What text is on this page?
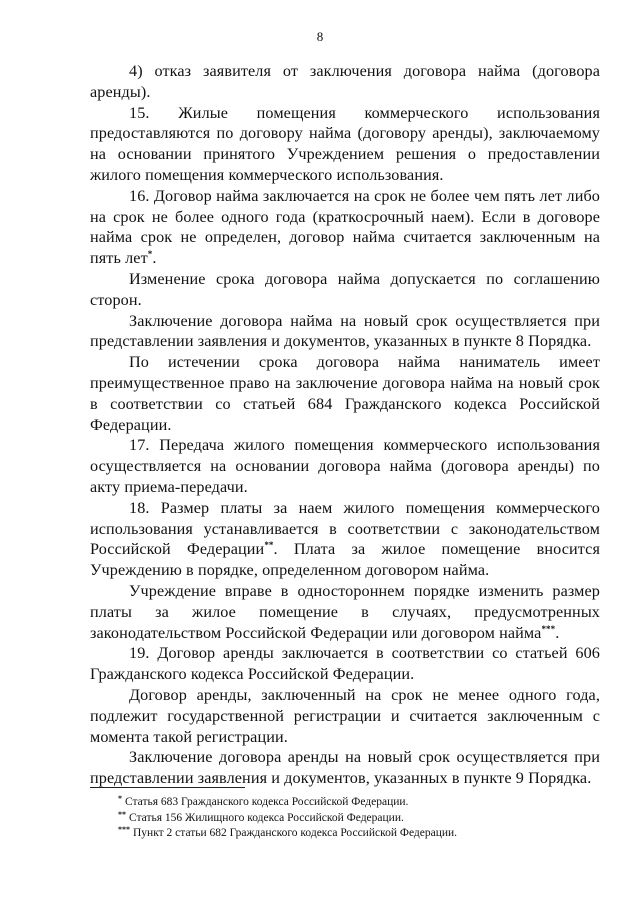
8

4) отказ заявителя от заключения договора найма (договора аренды).

15. Жилые помещения коммерческого использования предоставляются по договору найма (договору аренды), заключаемому на основании принятого Учреждением решения о предоставлении жилого помещения коммерческого использования.

16. Договор найма заключается на срок не более чем пять лет либо на срок не более одного года (краткосрочный наем). Если в договоре найма срок не определен, договор найма считается заключенным на пять лет*.

Изменение срока договора найма допускается по соглашению сторон.

Заключение договора найма на новый срок осуществляется при представлении заявления и документов, указанных в пункте 8 Порядка.

По истечении срока договора найма наниматель имеет преимущественное право на заключение договора найма на новый срок в соответствии со статьей 684 Гражданского кодекса Российской Федерации.

17. Передача жилого помещения коммерческого использования осуществляется на основании договора найма (договора аренды) по акту приема-передачи.

18. Размер платы за наем жилого помещения коммерческого использования устанавливается в соответствии с законодательством Российской Федерации**. Плата за жилое помещение вносится Учреждению в порядке, определенном договором найма.

Учреждение вправе в одностороннем порядке изменить размер платы за жилое помещение в случаях, предусмотренных законодательством Российской Федерации или договором найма***.

19. Договор аренды заключается в соответствии со статьей 606 Гражданского кодекса Российской Федерации.

Договор аренды, заключенный на срок не менее одного года, подлежит государственной регистрации и считается заключенным с момента такой регистрации.

Заключение договора аренды на новый срок осуществляется при представлении заявления и документов, указанных в пункте 9 Порядка.

* Статья 683 Гражданского кодекса Российской Федерации.

** Статья 156 Жилищного кодекса Российской Федерации.

*** Пункт 2 статьи 682 Гражданского кодекса Российской Федерации.
